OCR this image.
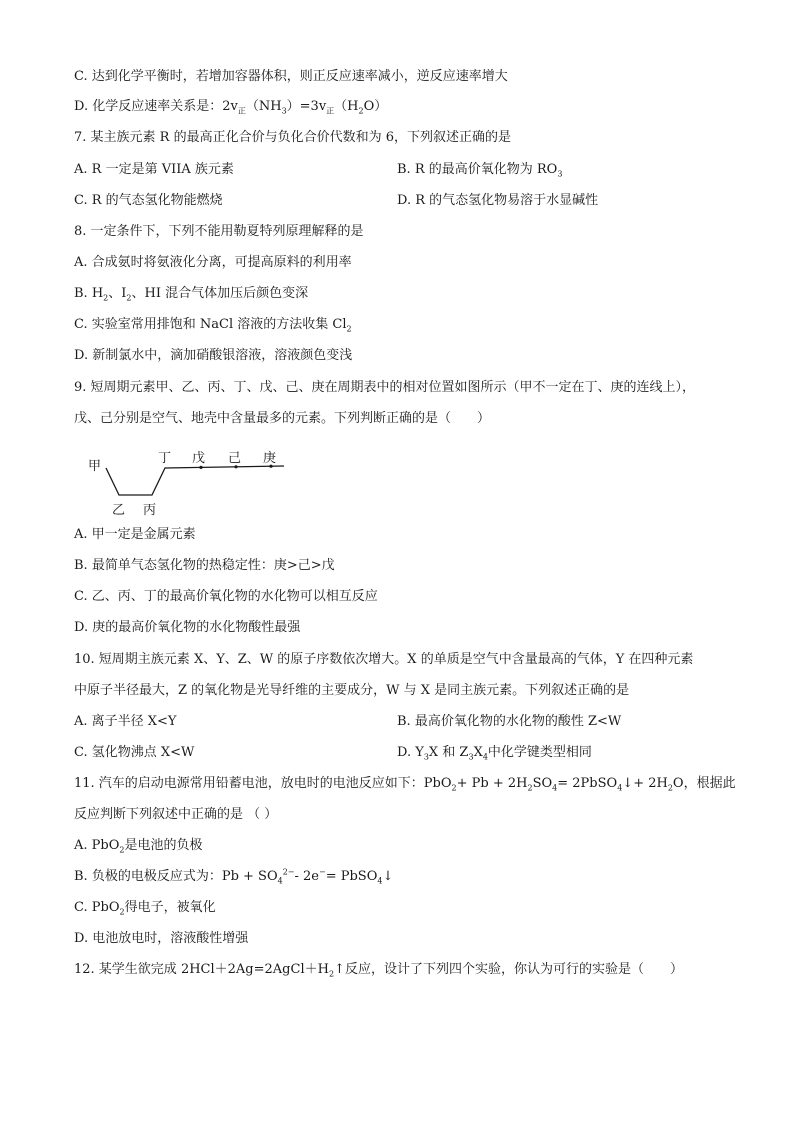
C. 达到化学平衡时，若增加容器体积，则正反应速率减小，逆反应速率增大
D. 化学反应速率关系是：$2v_正(NH_3)=3v_正(H_2O)$
7. 某主族元素 R 的最高正化合价与负化合价代数和为 6，下列叙述正确的是
A. R 一定是第 VIIA 族元素	B. R 的最高价氧化物为 $RO_3$
C. R 的气态氢化物能燃烧	D. R 的气态氢化物易溶于水显碱性
8. 一定条件下，下列不能用勒夏特列原理解释的是
A. 合成氨时将氨液化分离，可提高原料的利用率
B. $H_2$、$I_2$、HI 混合气体加压后颜色变深
C. 实验室常用排饱和 NaCl 溶液的方法收集 $Cl_2$
D. 新制氯水中，滴加硝酸银溶液，溶液颜色变浅
9. 短周期元素甲、乙、丙、丁、戊、己、庚在周期表中的相对位置如图所示（甲不一定在丁、庚的连线上），
戊、己分别是空气、地壳中含量最多的元素。下列判断正确的是（　　）
甲
乙 丙
丁 戊 己 庚
A. 甲一定是金属元素
B. 最简单气态氢化物的热稳定性：庚>己>戊
C. 乙、丙、丁的最高价氧化物的水化物可以相互反应
D. 庚的最高价氧化物的水化物酸性最强
10. 短周期主族元素 X、Y、Z、W 的原子序数依次增大。X 的单质是空气中含量最高的气体，Y 在四种元素
中原子半径最大，Z 的氧化物是光导纤维的主要成分，W 与 X 是同主族元素。下列叙述正确的是
A. 离子半径 X<Y	B. 最高价氧化物的水化物的酸性 Z<W
C. 氢化物沸点 X<W	D. $Y_3X$ 和 $Z_3X_4$中化学键类型相同
11. 汽车的启动电源常用铅蓄电池，放电时的电池反应如下：$PbO_2+ Pb + 2H_2SO_4=$ 2PbSO$_4$↓+ $2H_2O$，根据此
反应判断下列叙述中正确的是 （ ）
A. PbO$_2$是电池的负极
B. 负极的电极反应式为：$Pb + SO_4^{2-}-$ 2e−= PbSO$_4$↓
C. PbO$_2$得电子，被氧化
D. 电池放电时，溶液酸性增强
12. 某学生欲完成 $2HCl+2Ag=2AgCl+H_2↑$反应，设计了下列四个实验，你认为可行的实验是（　　）
